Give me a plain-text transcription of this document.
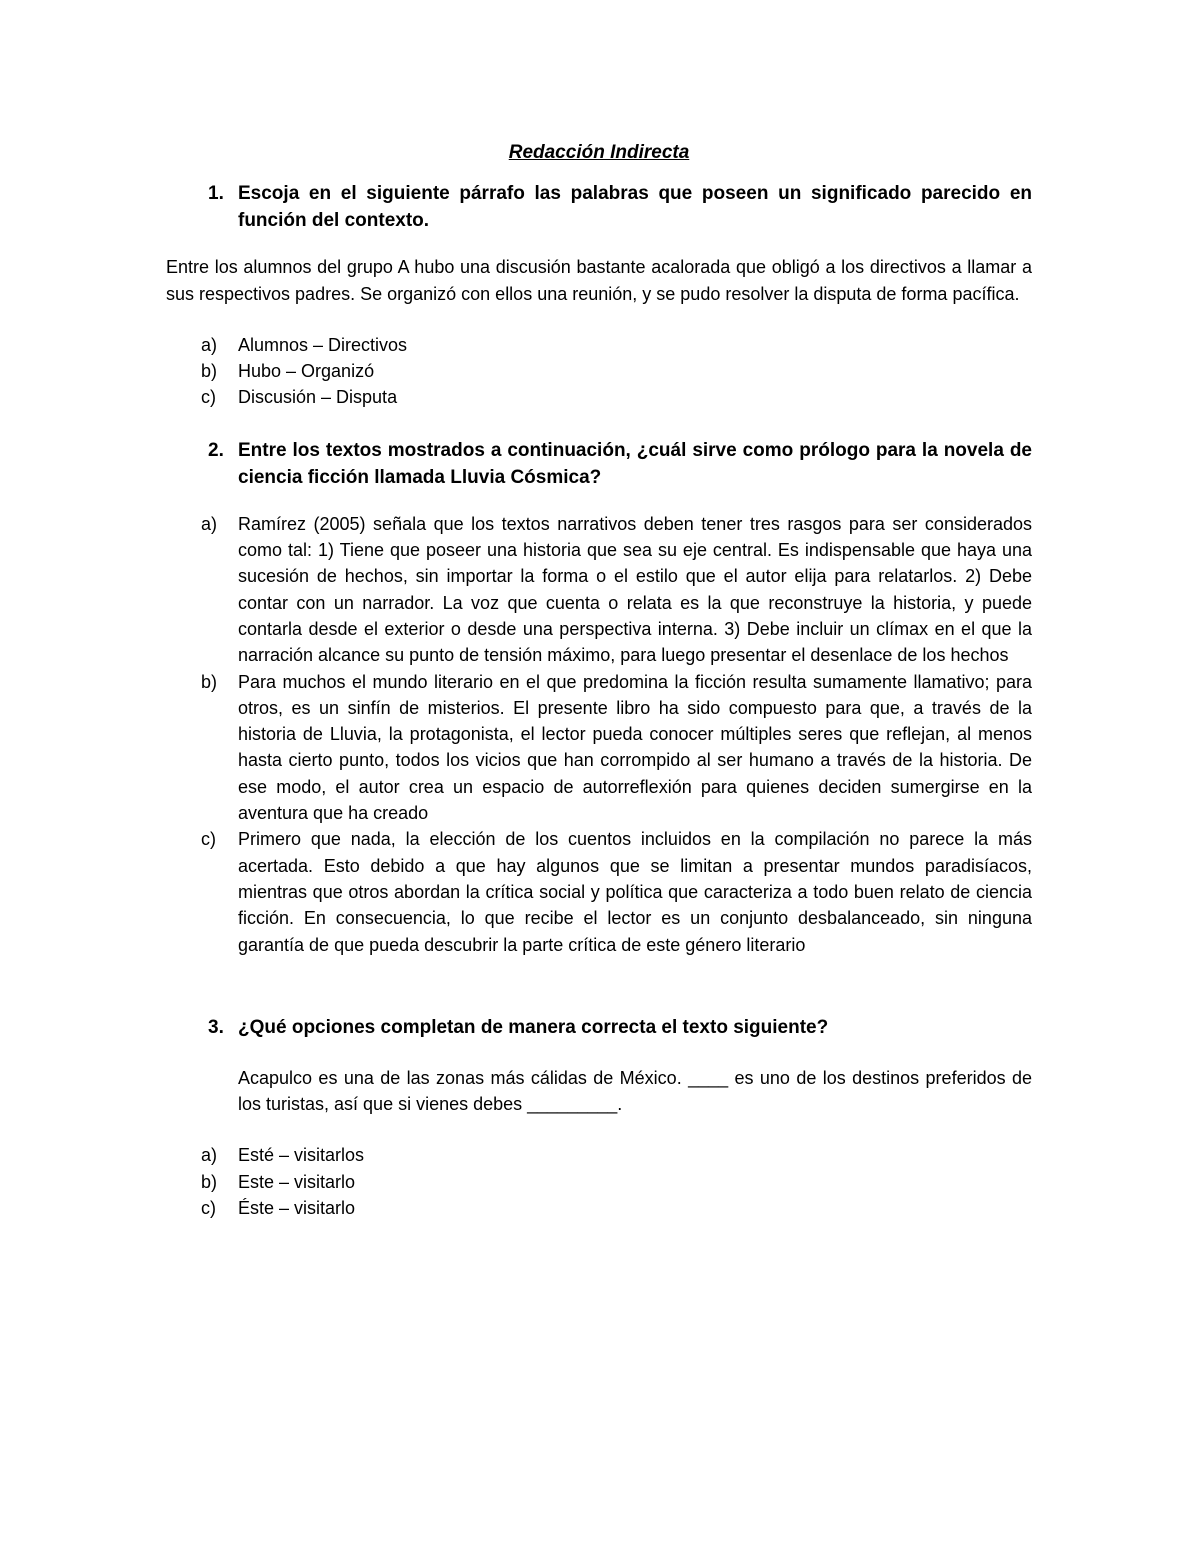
Redacción Indirecta
1. Escoja en el siguiente párrafo las palabras que poseen un significado parecido en función del contexto.

Entre los alumnos del grupo A hubo una discusión bastante acalorada que obligó a los directivos a llamar a sus respectivos padres. Se organizó con ellos una reunión, y se pudo resolver la disputa de forma pacífica.

a)	Alumnos – Directivos
b)	Hubo – Organizó
c)	Discusión – Disputa
2. Entre los textos mostrados a continuación, ¿cuál sirve como prólogo para la novela de ciencia ficción llamada Lluvia Cósmica?
a)	Ramírez (2005) señala que los textos narrativos deben tener tres rasgos para ser considerados como tal: 1) Tiene que poseer una historia que sea su eje central. Es indispensable que haya una sucesión de hechos, sin importar la forma o el estilo que el autor elija para relatarlos. 2) Debe contar con un narrador. La voz que cuenta o relata es la que reconstruye la historia, y puede contarla desde el exterior o desde una perspectiva interna. 3) Debe incluir un clímax en el que la narración alcance su punto de tensión máximo, para luego presentar el desenlace de los hechos
b)	Para muchos el mundo literario en el que predomina la ficción resulta sumamente llamativo; para otros, es un sinfín de misterios. El presente libro ha sido compuesto para que, a través de la historia de Lluvia, la protagonista, el lector pueda conocer múltiples seres que reflejan, al menos hasta cierto punto, todos los vicios que han corrompido al ser humano a través de la historia. De ese modo, el autor crea un espacio de autorreflexión para quienes deciden sumergirse en la aventura que ha creado
c)	Primero que nada, la elección de los cuentos incluidos en la compilación no parece la más acertada. Esto debido a que hay algunos que se limitan a presentar mundos paradisíacos, mientras que otros abordan la crítica social y política que caracteriza a todo buen relato de ciencia ficción. En consecuencia, lo que recibe el lector es un conjunto desbalanceado, sin ninguna garantía de que pueda descubrir la parte crítica de este género literario
3. ¿Qué opciones completan de manera correcta el texto siguiente?

Acapulco es una de las zonas más cálidas de México. ____ es uno de los destinos preferidos de los turistas, así que si vienes debes _________.

a)	Esté – visitarlos
b)	Este – visitarlo
c)	Éste – visitarlo
